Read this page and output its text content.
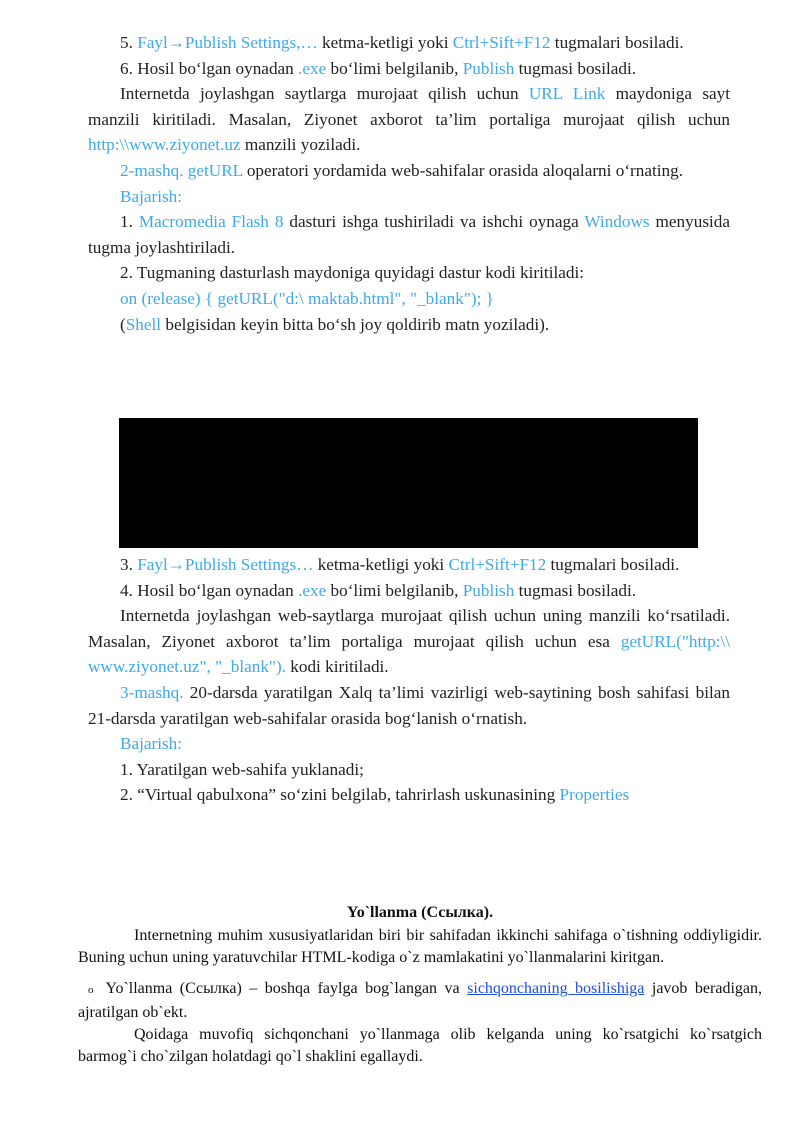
5. Fayl→Publish Settings,… ketma-ketligi yoki Ctrl+Sift+F12 tugmalari bosiladi.

6. Hosil bo‘lgan oynadan .exe bo‘limi belgilanib, Publish tugmasi bosiladi.

Internetda joylashgan saytlarga murojaat qilish uchun URL Link maydoniga sayt manzili kiritiladi. Masalan, Ziyonet axborot ta’lim portaliga murojaat qilish uchun http:\\www.ziyonet.uz manzili yoziladi.

2-mashq. getURL operatori yordamida web-sahifalar orasida aloqalarni o‘rnating.

Bajarish:

1. Macromedia Flash 8 dasturi ishga tushiriladi va ishchi oynaga Windows menyusida tugma joylashtiriladi.

2. Tugmaning dasturlash maydoniga quyidagi dastur kodi kiritiladi:

on (release) { getURL("d:\ maktab.html", "_blank"); }

(Shell belgisidan keyin bitta bo‘sh joy qoldirib matn yoziladi).

3. Fayl→Publish Settings… ketma-ketligi yoki Ctrl+Sift+F12 tugmalari bosiladi.

4. Hosil bo‘lgan oynadan .exe bo‘limi belgilanib, Publish tugmasi bosiladi.

Internetda joylashgan web-saytlarga murojaat qilish uchun uning manzili ko‘rsatiladi. Masalan, Ziyonet axborot ta’lim portaliga murojaat qilish uchun esa getURL("http:\\ www.ziyonet.uz", "_blank"). kodi kiritiladi.

3-mashq. 20-darsda yaratilgan Xalq ta’limi vazirligi web-saytining bosh sahifasi bilan 21-darsda yaratilgan web-sahifalar orasida bog‘lanish o‘rnatish.

Bajarish:

1. Yaratilgan web-sahifa yuklanadi;

2. “Virtual qabulxona” so‘zini belgilab, tahrirlash uskunasining Properties

Yo`llanma (Ссылка).

Internetning muhim xususiyatlaridan biri bir sahifadan ikkinchi sahifaga o`tishning oddiyligidir. Buning uchun uning yaratuvchilar HTML-kodiga o`z mamlakatini yo`llanmalarini kiritgan.

o Yo`llanma (Ссылка) – boshqa faylga bog`langan va sichqonchaning bosilishiga javob beradigan, ajratilgan ob`ekt.

Qoidaga muvofiq sichqonchani yo`llanmaga olib kelganda uning ko`rsatgichi ko`rsatgich barmog`i cho`zilgan holatdagi qo`l shaklini egallaydi.
